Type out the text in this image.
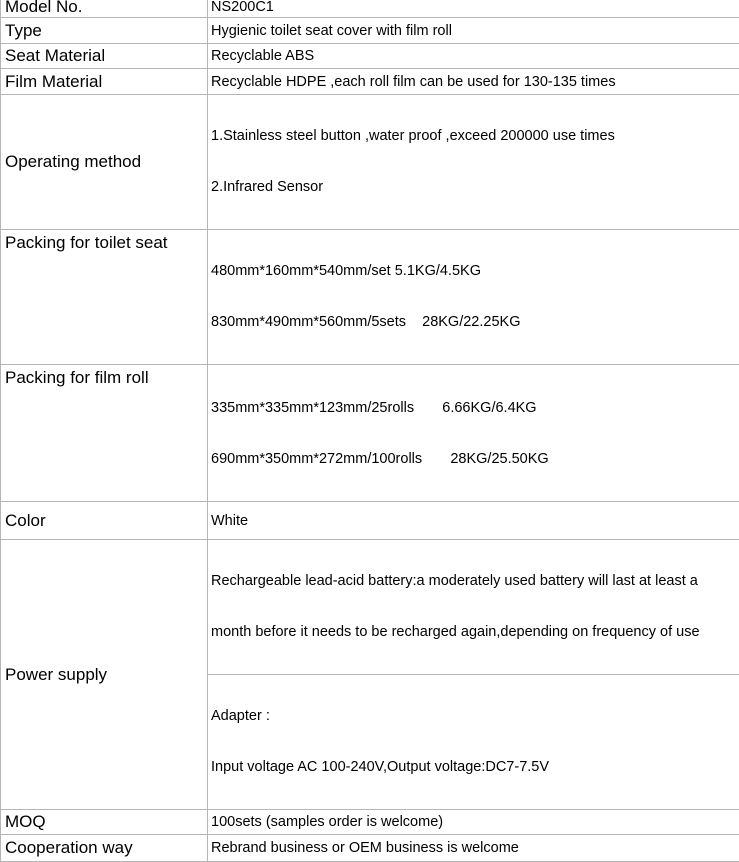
Model No.	NS200C1
Type	Hygienic toilet seat cover with film roll
Seat Material	Recyclable ABS
Film Material	Recyclable HDPE ,each roll film can be used for 130-135 times
Operating method	1.Stainless steel button ,water proof ,exceed 200000 use times

2.Infrared Sensor

Packing for toilet seat	480mm*160mm*540mm/set 5.1KG/4.5KG

830mm*490mm*560mm/5sets    28KG/22.25KG

Packing for film roll	335mm*335mm*123mm/25rolls       6.66KG/6.4KG

690mm*350mm*272mm/100rolls       28KG/25.50KG

Color	White
Power supply	Rechargeable lead-acid battery:a moderately used battery will last at least a

month before it needs to be recharged again,depending on frequency of use

	Adapter :

Input voltage AC 100-240V,Output voltage:DC7-7.5V

MOQ	100sets (samples order is welcome)
Cooperation way	Rebrand business or OEM business is welcome
